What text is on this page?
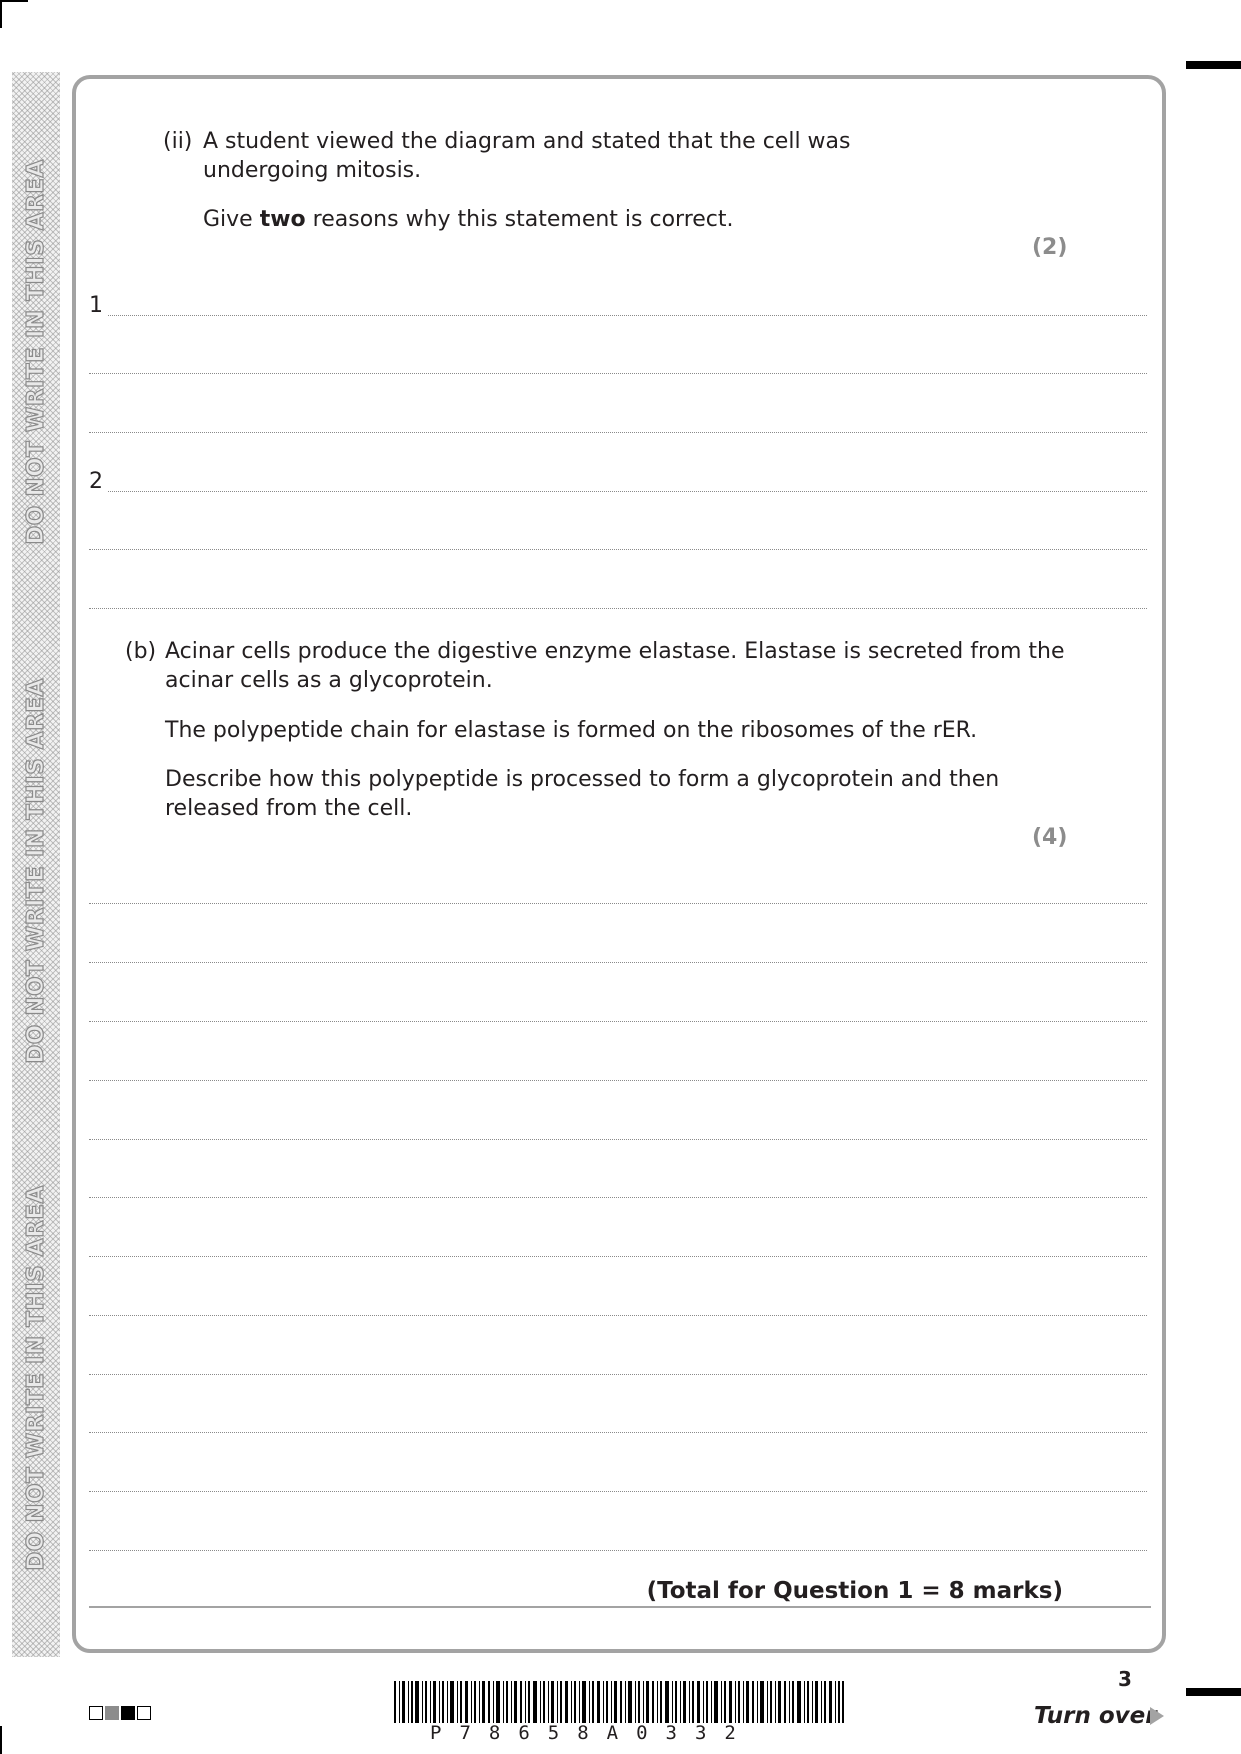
DO NOT WRITE IN THIS AREA
DO NOT WRITE IN THIS AREA
DO NOT WRITE IN THIS AREA
(ii) A student viewed the diagram and stated that the cell was
undergoing mitosis.
Give two reasons why this statement is correct.
(2)
1
2
(b) Acinar cells produce the digestive enzyme elastase. Elastase is secreted from the
acinar cells as a glycoprotein.
The polypeptide chain for elastase is formed on the ribosomes of the rER.
Describe how this polypeptide is processed to form a glycoprotein and then
released from the cell.
(4)
(Total for Question 1 = 8 marks)
P78658A0332
3
Turn over
